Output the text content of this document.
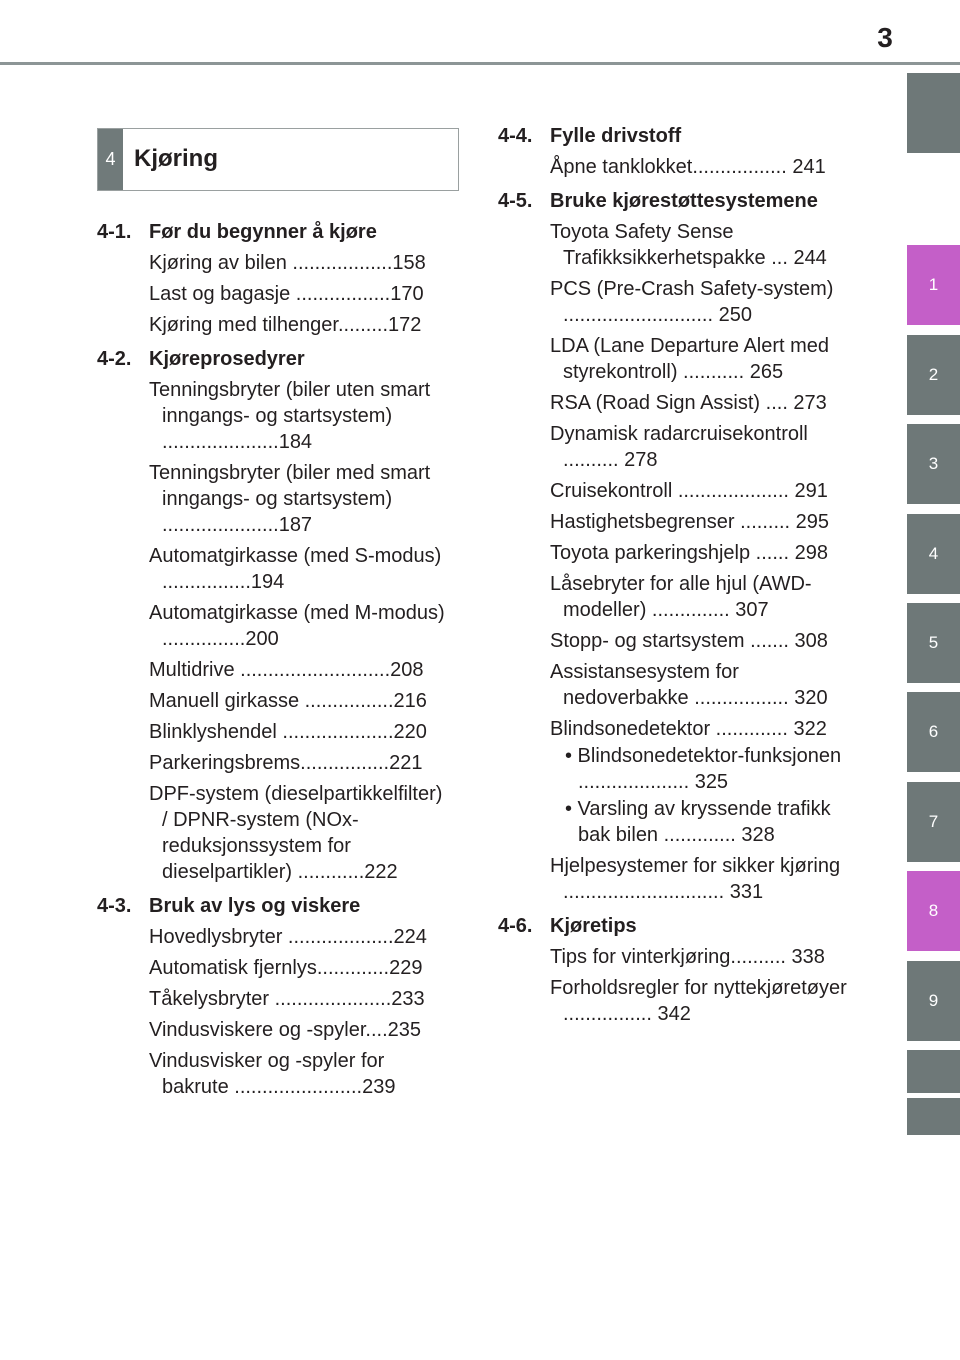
3
1
2
3
4
5
6
7
8
9
4 Kjøring
4-1. Før du begynner å kjøre
Kjøring av bilen ..................158
Last og bagasje .................170
Kjøring med tilhenger.........172
4-2. Kjøreprosedyrer
Tenningsbryter (biler uten smart inngangs- og startsystem) .....................184
Tenningsbryter (biler med smart inngangs- og startsystem) .....................187
Automatgirkasse (med S-modus) ................194
Automatgirkasse (med M-modus) ...............200
Multidrive ...........................208
Manuell girkasse ................216
Blinklyshendel ....................220
Parkeringsbrems................221
DPF-system (dieselpartikkelfilter) / DPNR-system (NOx-reduksjonssystem for dieselpartikler) ............222
4-3. Bruk av lys og viskere
Hovedlysbryter ...................224
Automatisk fjernlys.............229
Tåkelysbryter .....................233
Vindusviskere og -spyler....235
Vindusvisker og -spyler for bakrute .......................239
4-4. Fylle drivstoff
Åpne tanklokket................. 241
4-5. Bruke kjørestøttesystemene
Toyota Safety Sense Trafikksikkerhetspakke ... 244
PCS (Pre-Crash Safety-system) ........................... 250
LDA (Lane Departure Alert med styrekontroll) ........... 265
RSA (Road Sign Assist) .... 273
Dynamisk radarcruisekontroll .......... 278
Cruisekontroll .................... 291
Hastighetsbegrenser ......... 295
Toyota parkeringshjelp ...... 298
Låsebryter for alle hjul (AWD-modeller) .............. 307
Stopp- og startsystem ....... 308
Assistansesystem for nedoverbakke ................. 320
Blindsonedetektor ............. 322
• Blindsonedetektor-funksjonen .................... 325
• Varsling av kryssende trafikk bak bilen ............. 328
Hjelpesystemer for sikker kjøring ............................. 331
4-6. Kjøretips
Tips for vinterkjøring.......... 338
Forholdsregler for nyttekjøretøyer ................ 342
